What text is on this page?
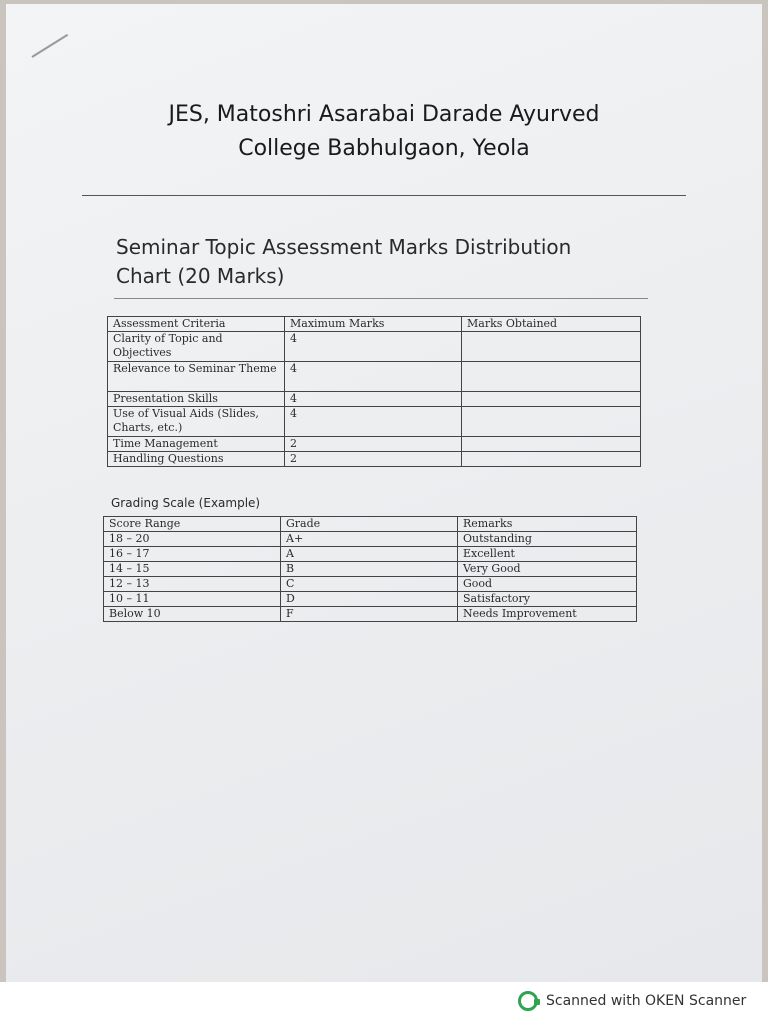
JES, Matoshri Asarabai Darade Ayurved
College Babhulgaon, Yeola
Seminar Topic Assessment Marks Distribution
Chart (20 Marks)
Assessment Criteria	Maximum Marks	Marks Obtained
Clarity of Topic and Objectives	4	
Relevance to Seminar Theme	4	
Presentation Skills	4	
Use of Visual Aids (Slides, Charts, etc.)	4	
Time Management	2	
Handling Questions	2	
Grading Scale (Example)
Score Range	Grade	Remarks
18 – 20	A+	Outstanding
16 – 17	A	Excellent
14 – 15	B	Very Good
12 – 13	C	Good
10 – 11	D	Satisfactory
Below 10	F	Needs Improvement
Scanned with OKEN Scanner
